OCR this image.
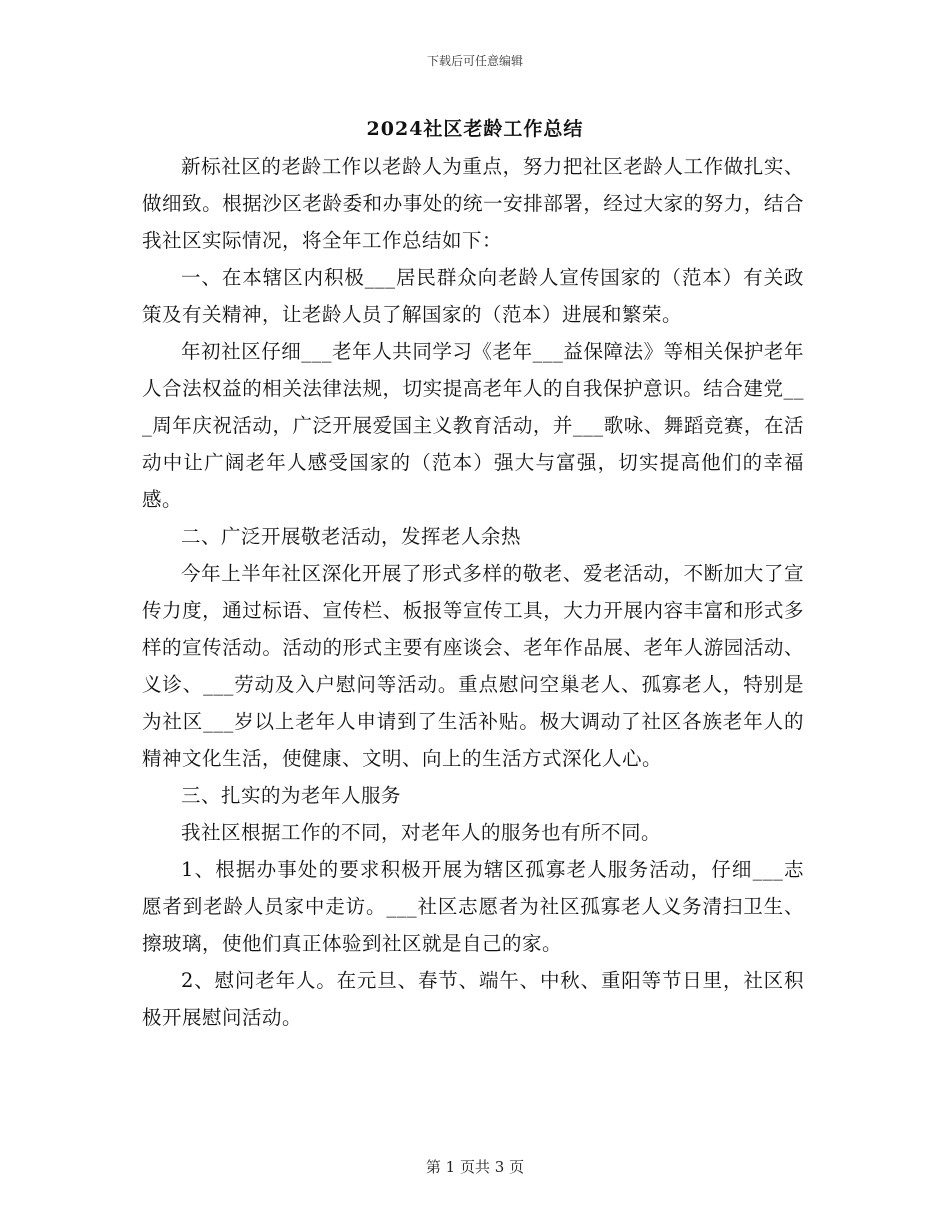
下载后可任意编辑
2024社区老龄工作总结

新标社区的老龄工作以老龄人为重点，努力把社区老龄人工作做扎实、做细致。根据沙区老龄委和办事处的统一安排部署，经过大家的努力，结合我社区实际情况，将全年工作总结如下：

一、在本辖区内积极___居民群众向老龄人宣传国家的（范本）有关政策及有关精神，让老龄人员了解国家的（范本）进展和繁荣。

年初社区仔细___老年人共同学习《老年___益保障法》等相关保护老年人合法权益的相关法律法规，切实提高老年人的自我保护意识。结合建党___周年庆祝活动，广泛开展爱国主义教育活动，并___歌咏、舞蹈竞赛，在活动中让广阔老年人感受国家的（范本）强大与富强，切实提高他们的幸福感。

二、广泛开展敬老活动，发挥老人余热

今年上半年社区深化开展了形式多样的敬老、爱老活动，不断加大了宣传力度，通过标语、宣传栏、板报等宣传工具，大力开展内容丰富和形式多样的宣传活动。活动的形式主要有座谈会、老年作品展、老年人游园活动、义诊、___劳动及入户慰问等活动。重点慰问空巢老人、孤寡老人，特别是为社区___岁以上老年人申请到了生活补贴。极大调动了社区各族老年人的精神文化生活，使健康、文明、向上的生活方式深化人心。

三、扎实的为老年人服务

我社区根据工作的不同，对老年人的服务也有所不同。

1、根据办事处的要求积极开展为辖区孤寡老人服务活动，仔细___志愿者到老龄人员家中走访。___社区志愿者为社区孤寡老人义务清扫卫生、擦玻璃，使他们真正体验到社区就是自己的家。

2、慰问老年人。在元旦、春节、端午、中秋、重阳等节日里，社区积极开展慰问活动。

第 1 页共 3 页
